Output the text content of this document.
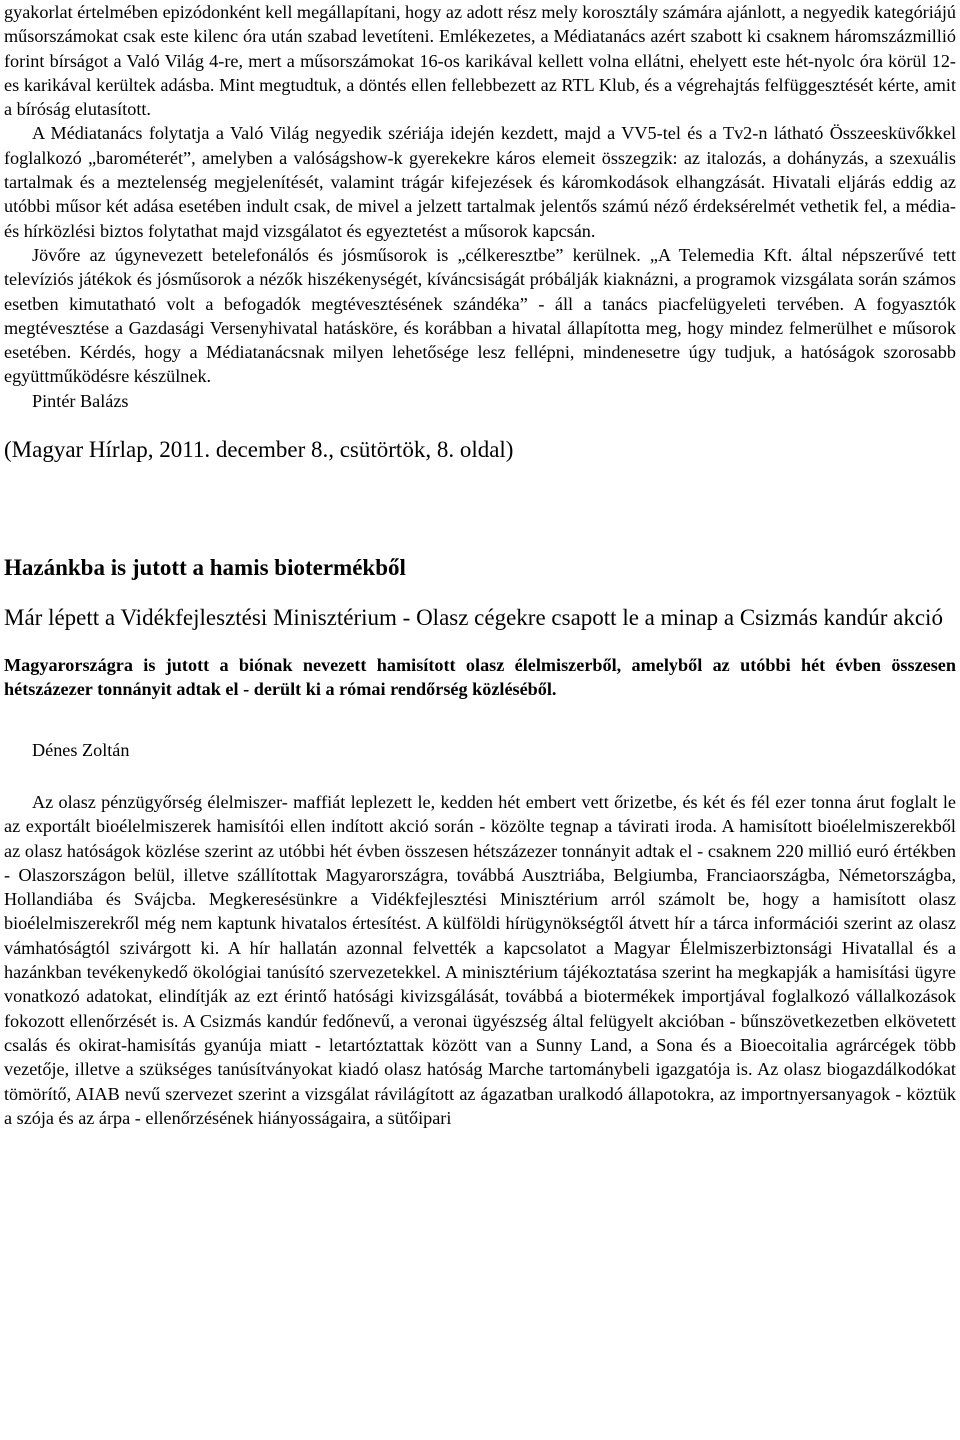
gyakorlat értelmében epizódonként kell megállapítani, hogy az adott rész mely korosztály számára ajánlott, a negyedik kategóriájú műsorszámokat csak este kilenc óra után szabad levetíteni. Emlékezetes, a Médiatanács azért szabott ki csaknem háromszázmillió forint bírságot a Való Világ 4-re, mert a műsorszámokat 16-os karikával kellett volna ellátni, ehelyett este hét-nyolc óra körül 12-es karikával kerültek adásba. Mint megtudtuk, a döntés ellen fellebbezett az RTL Klub, és a végrehajtás felfüggesztését kérte, amit a bíróság elutasított.

A Médiatanács folytatja a Való Világ negyedik szériája idején kezdett, majd a VV5-tel és a Tv2-n látható Összeesküvőkkel foglalkozó „barométerét”, amelyben a valóságshow-k gyerekekre káros elemeit összegzik: az italozás, a dohányzás, a szexuális tartalmak és a meztelenség megjelenítését, valamint trágár kifejezések és káromkodások elhangzását. Hivatali eljárás eddig az utóbbi műsor két adása esetében indult csak, de mivel a jelzett tartalmak jelentős számú néző érdeksérelmét vethetik fel, a média- és hírközlési biztos folytathat majd vizsgálatot és egyeztetést a műsorok kapcsán.

Jövőre az úgynevezett betelefonálós és jósműsorok is „célkeresztbe” kerülnek. „A Telemedia Kft. által népszerűvé tett televíziós játékok és jósműsorok a nézők hiszékenységét, kíváncsiságát próbálják kiaknázni, a programok vizsgálata során számos esetben kimutatható volt a befogadók megtévesztésének szándéka” - áll a tanács piacfelügyeleti tervében. A fogyasztók megtévesztése a Gazdasági Versenyhivatal hatásköre, és korábban a hivatal állapította meg, hogy mindez felmerülhet e műsorok esetében. Kérdés, hogy a Médiatanácsnak milyen lehetősége lesz fellépni, mindenesetre úgy tudjuk, a hatóságok szorosabb együttműködésre készülnek.

Pintér Balázs

(Magyar Hírlap, 2011. december 8., csütörtök, 8. oldal)

Hazánkba is jutott a hamis biotermékből
Már lépett a Vidékfejlesztési Minisztérium - Olasz cégekre csapott le a minap a Csizmás kandúr akció

Magyarországra is jutott a biónak nevezett hamisított olasz élelmiszerből, amelyből az utóbbi hét évben összesen hétszázezer tonnányit adtak el - derült ki a római rendőrség közléséből.

Dénes Zoltán

Az olasz pénzügyőrség élelmiszer- maffiát leplezett le, kedden hét embert vett őrizetbe, és két és fél ezer tonna árut foglalt le az exportált bioélelmiszerek hamisítói ellen indított akció során - közölte tegnap a távirati iroda. A hamisított bioélelmiszerekből az olasz hatóságok közlése szerint az utóbbi hét évben összesen hétszázezer tonnányit adtak el - csaknem 220 millió euró értékben - Olaszországon belül, illetve szállítottak Magyarországra, továbbá Ausztriába, Belgiumba, Franciaországba, Németországba, Hollandiába és Svájcba. Megkeresésünkre a Vidékfejlesztési Minisztérium arról számolt be, hogy a hamisított olasz bioélelmiszerekről még nem kaptunk hivatalos értesítést. A külföldi hírügynökségtől átvett hír a tárca információi szerint az olasz vámhatóságtól szivárgott ki. A hír hallatán azonnal felvették a kapcsolatot a Magyar Élelmiszerbiztonsági Hivatallal és a hazánkban tevékenykedő ökológiai tanúsító szervezetekkel. A minisztérium tájékoztatása szerint ha megkapják a hamisítási ügyre vonatkozó adatokat, elindítják az ezt érintő hatósági kivizsgálását, továbbá a biotermékek importjával foglalkozó vállalkozások fokozott ellenőrzését is. A Csizmás kandúr fedőnevű, a veronai ügyészség által felügyelt akcióban - bűnszövetkezetben elkövetett csalás és okirat-hamisítás gyanúja miatt - letartóztattak között van a Sunny Land, a Sona és a Bioecoitalia agrárcégek több vezetője, illetve a szükséges tanúsítványokat kiadó olasz hatóság Marche tartománybeli igazgatója is. Az olasz biogazdálkodókat tömörítő, AIAB nevű szervezet szerint a vizsgálat rávilágított az ágazatban uralkodó állapotokra, az importnyersanyagok - köztük a szója és az árpa - ellenőrzésének hiányosságaira, a sütőipari
